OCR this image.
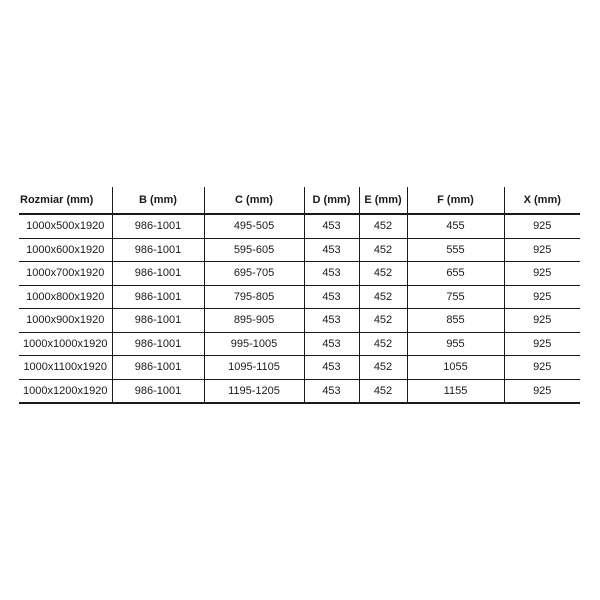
Rozmiar (mm)	B (mm)	C (mm)	D (mm)	E (mm)	F (mm)	X (mm)
1000x500x1920	986-1001	495-505	453	452	455	925
1000x600x1920	986-1001	595-605	453	452	555	925
1000x700x1920	986-1001	695-705	453	452	655	925
1000x800x1920	986-1001	795-805	453	452	755	925
1000x900x1920	986-1001	895-905	453	452	855	925
1000x1000x1920	986-1001	995-1005	453	452	955	925
1000x1100x1920	986-1001	1095-1105	453	452	1055	925
1000x1200x1920	986-1001	1195-1205	453	452	1155	925
